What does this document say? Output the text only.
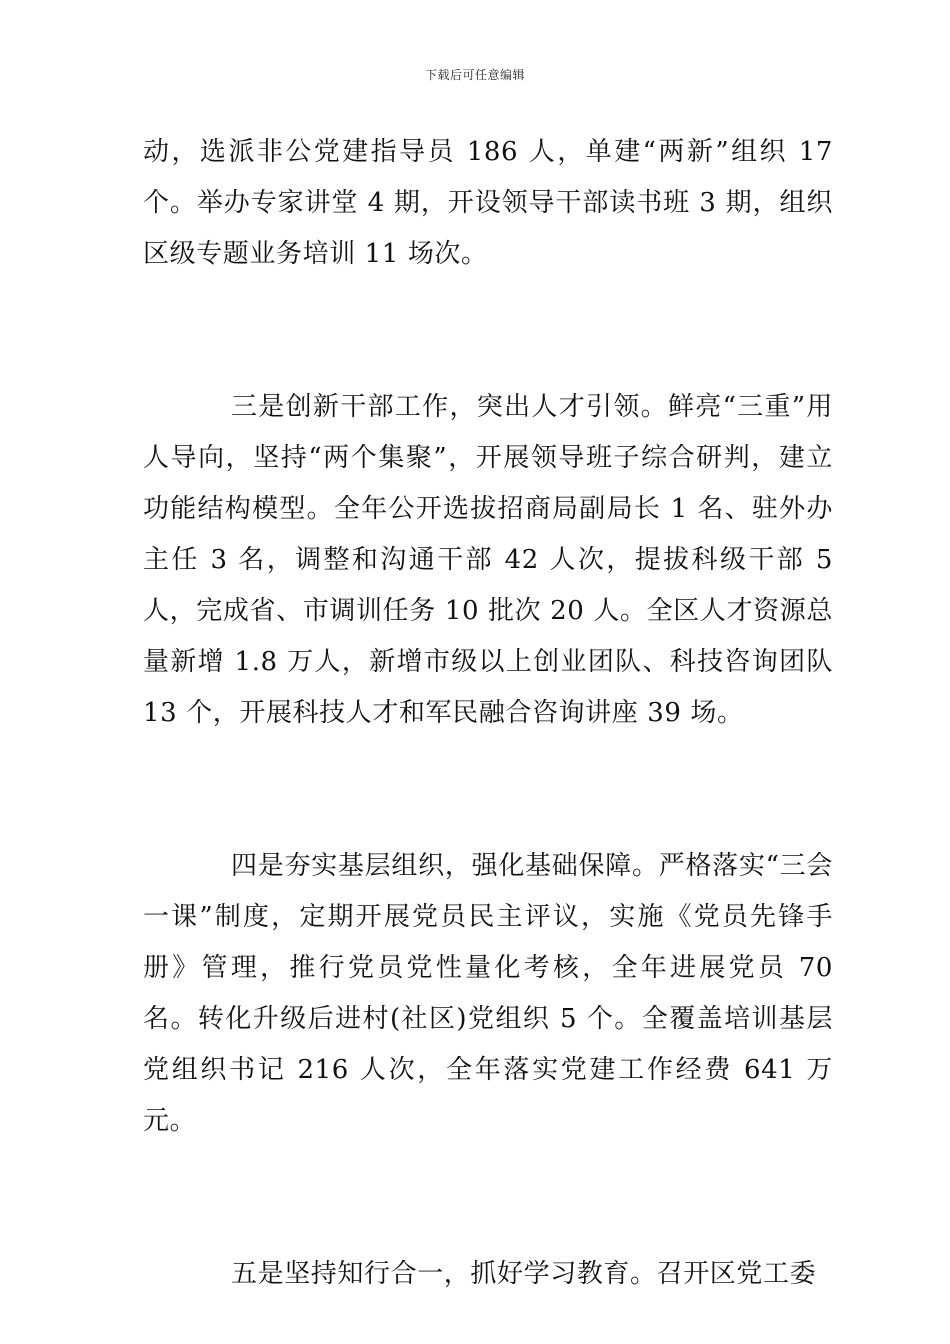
下载后可任意编辑

动，选派非公党建指导员 186 人，单建“两新”组织 17 个。举办专家讲堂 4 期，开设领导干部读书班 3 期，组织区级专题业务培训 11 场次。

三是创新干部工作，突出人才引领。鲜亮“三重”用人导向，坚持“两个集聚”，开展领导班子综合研判，建立功能结构模型。全年公开选拔招商局副局长 1 名、驻外办主任 3 名，调整和沟通干部 42 人次，提拔科级干部 5 人，完成省、市调训任务 10 批次 20 人。全区人才资源总量新增 1.8 万人，新增市级以上创业团队、科技咨询团队 13 个，开展科技人才和军民融合咨询讲座 39 场。

四是夯实基层组织，强化基础保障。严格落实“三会一课”制度，定期开展党员民主评议，实施《党员先锋手册》管理，推行党员党性量化考核，全年进展党员 70 名。转化升级后进村(社区)党组织 5 个。全覆盖培训基层党组织书记 216 人次，全年落实党建工作经费 641 万元。

五是坚持知行合一，抓好学习教育。召开区党工委
